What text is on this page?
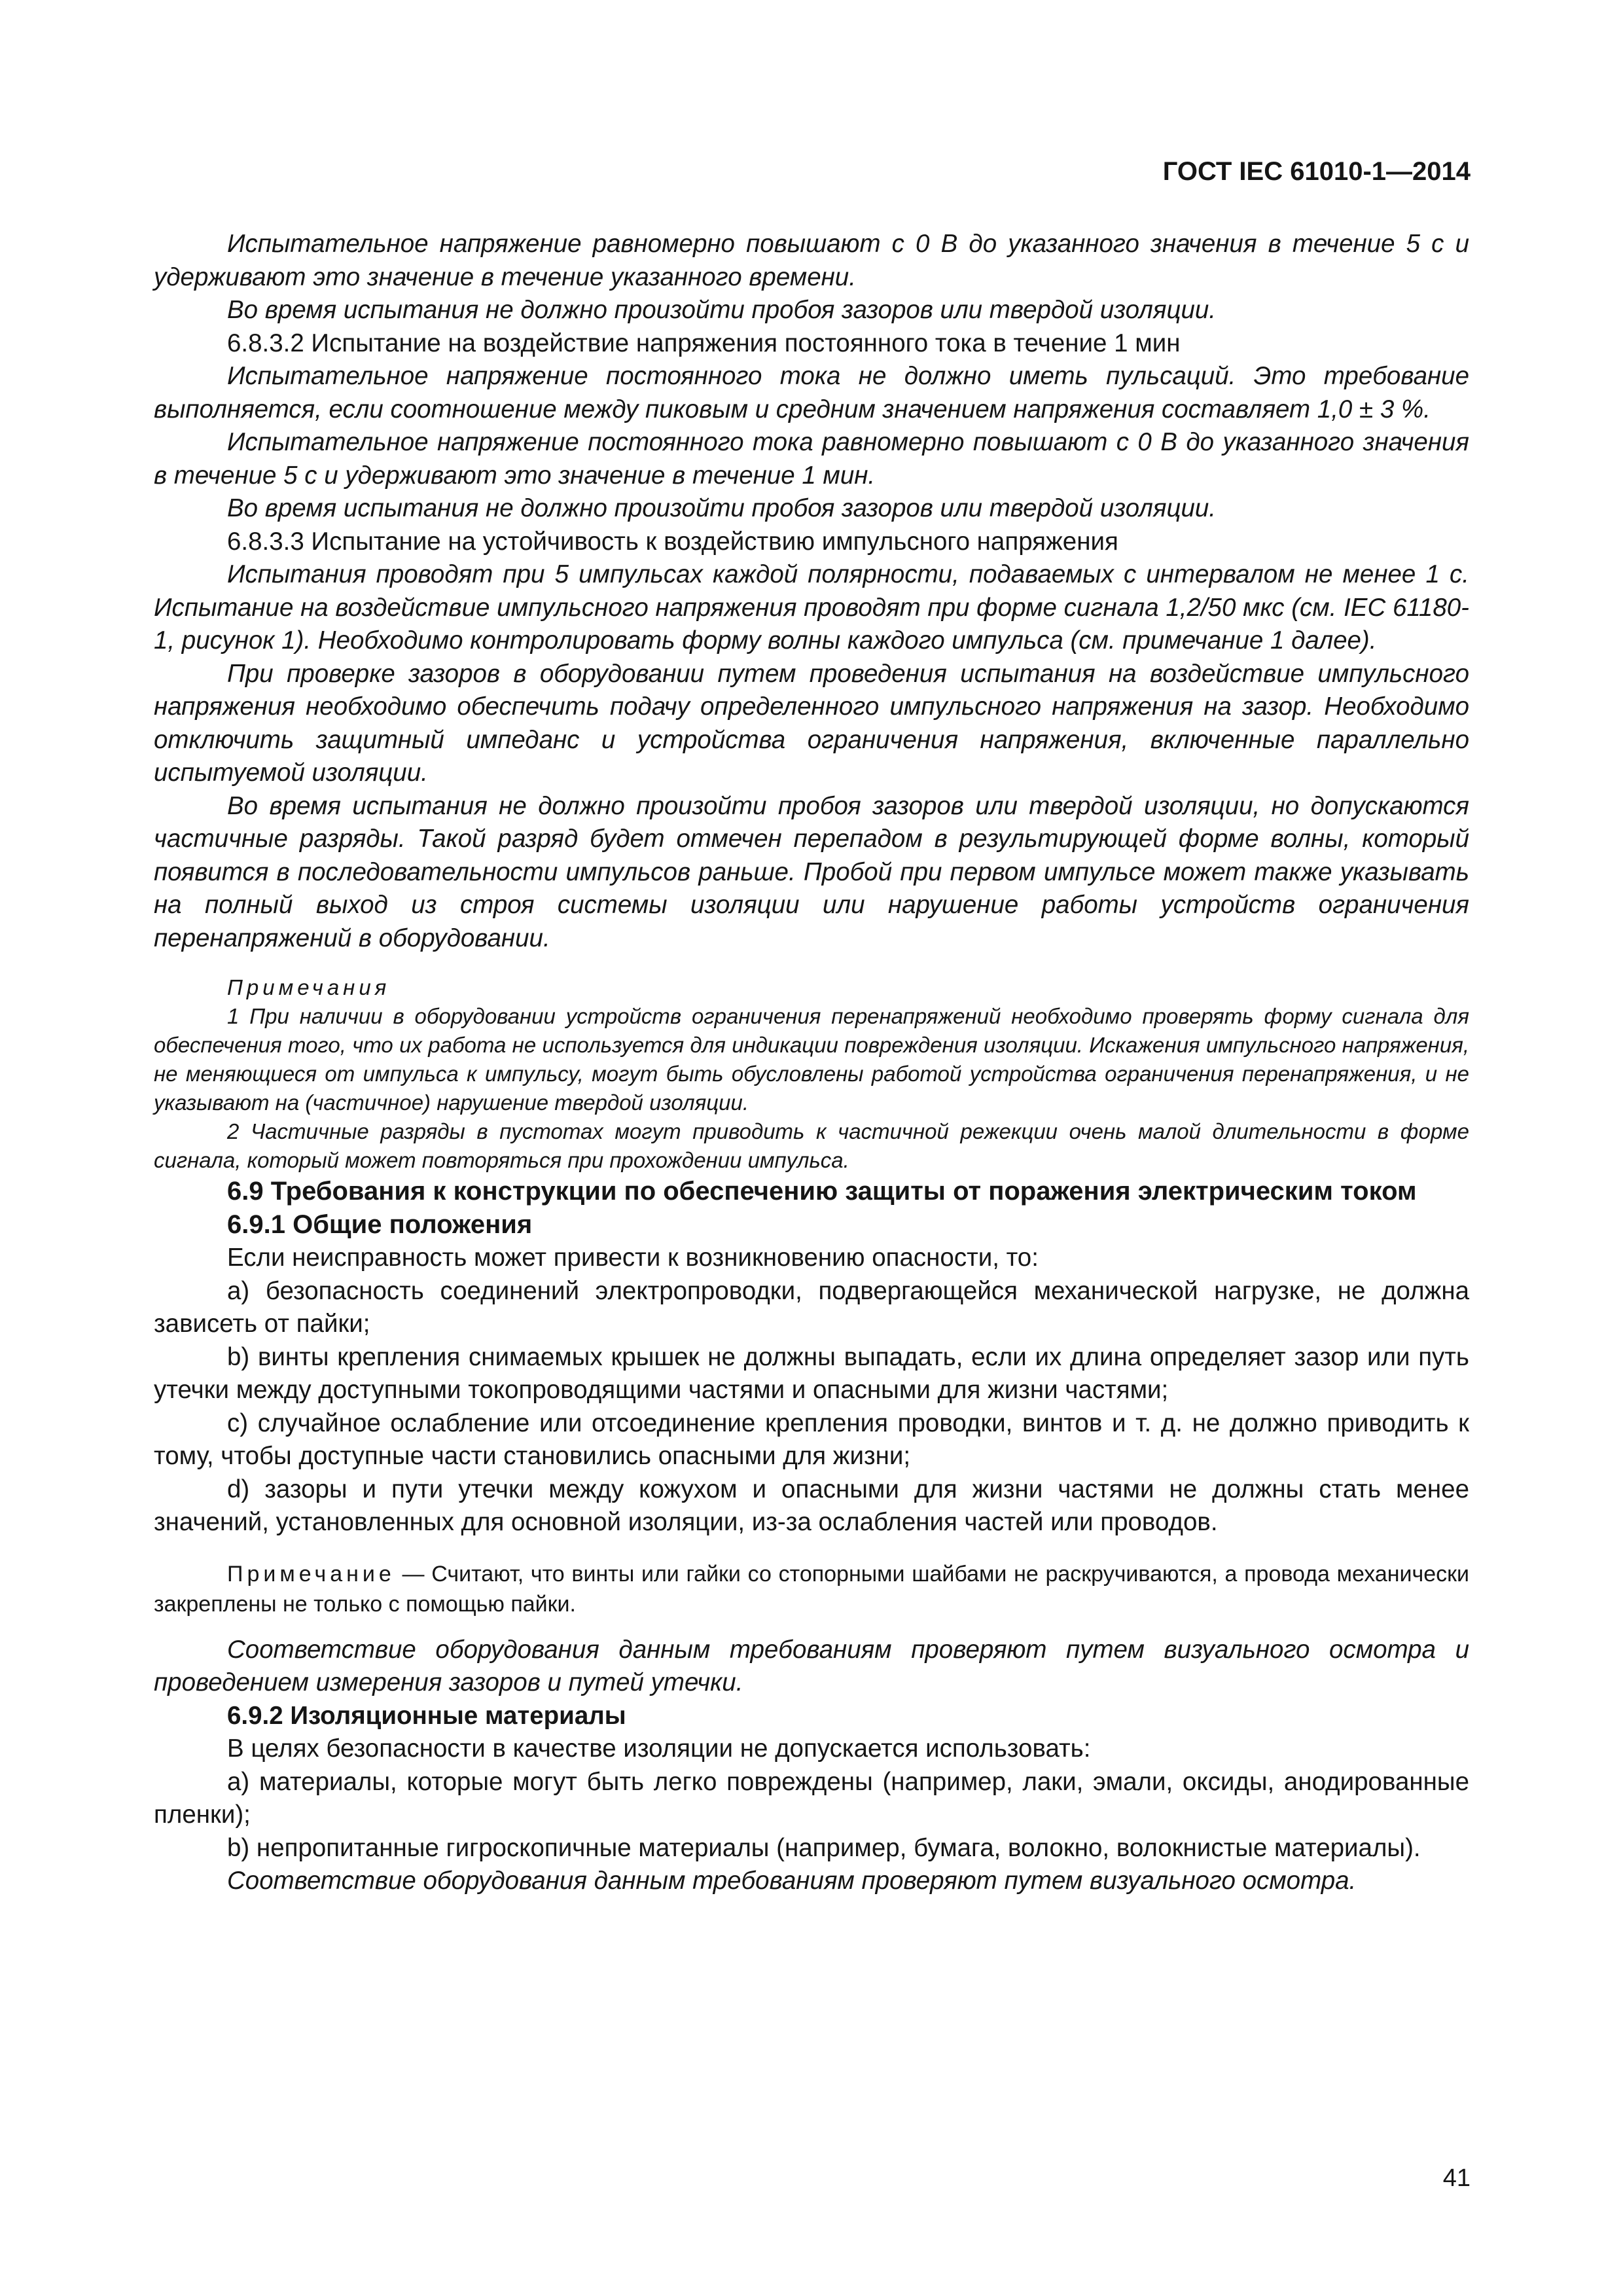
ГОСТ IEC 61010-1—2014

Испытательное напряжение равномерно повышают с 0 В до указанного значения в течение 5 с и удерживают это значение в течение указанного времени.

Во время испытания не должно произойти пробоя зазоров или твердой изоляции.

6.8.3.2 Испытание на воздействие напряжения постоянного тока в течение 1 мин

Испытательное напряжение постоянного тока не должно иметь пульсаций. Это требование выполняется, если соотношение между пиковым и средним значением напряжения составляет 1,0 ± 3 %.

Испытательное напряжение постоянного тока равномерно повышают с 0 В до указанного значения в течение 5 с и удерживают это значение в течение 1 мин.

Во время испытания не должно произойти пробоя зазоров или твердой изоляции.

6.8.3.3 Испытание на устойчивость к воздействию импульсного напряжения

Испытания проводят при 5 импульсах каждой полярности, подаваемых с интервалом не менее 1 с. Испытание на воздействие импульсного напряжения проводят при форме сигнала 1,2/50 мкс (см. IEC 61180-1, рисунок 1). Необходимо контролировать форму волны каждого импульса (см. примечание 1 далее).

При проверке зазоров в оборудовании путем проведения испытания на воздействие импульсного напряжения необходимо обеспечить подачу определенного импульсного напряжения на зазор. Необходимо отключить защитный импеданс и устройства ограничения напряжения, включенные параллельно испытуемой изоляции.

Во время испытания не должно произойти пробоя зазоров или твердой изоляции, но допускаются частичные разряды. Такой разряд будет отмечен перепадом в результирующей форме волны, который появится в последовательности импульсов раньше. Пробой при первом импульсе может также указывать на полный выход из строя системы изоляции или нарушение работы устройств ограничения перенапряжений в оборудовании.

Примечания

1 При наличии в оборудовании устройств ограничения перенапряжений необходимо проверять форму сигнала для обеспечения того, что их работа не используется для индикации повреждения изоляции. Искажения импульсного напряжения, не меняющиеся от импульса к импульсу, могут быть обусловлены работой устройства ограничения перенапряжения, и не указывают на (частичное) нарушение твердой изоляции.

2 Частичные разряды в пустотах могут приводить к частичной режекции очень малой длительности в форме сигнала, который может повторяться при прохождении импульса.

6.9 Требования к конструкции по обеспечению защиты от поражения электрическим током

6.9.1 Общие положения

Если неисправность может привести к возникновению опасности, то:

a) безопасность соединений электропроводки, подвергающейся механической нагрузке, не должна зависеть от пайки;

b) винты крепления снимаемых крышек не должны выпадать, если их длина определяет зазор или путь утечки между доступными токопроводящими частями и опасными для жизни частями;

c) случайное ослабление или отсоединение крепления проводки, винтов и т. д. не должно приводить к тому, чтобы доступные части становились опасными для жизни;

d) зазоры и пути утечки между кожухом и опасными для жизни частями не должны стать менее значений, установленных для основной изоляции, из-за ослабления частей или проводов.

Примечание — Считают, что винты или гайки со стопорными шайбами не раскручиваются, а провода механически закреплены не только с помощью пайки.

Соответствие оборудования данным требованиям проверяют путем визуального осмотра и проведением измерения зазоров и путей утечки.

6.9.2 Изоляционные материалы

В целях безопасности в качестве изоляции не допускается использовать:

a) материалы, которые могут быть легко повреждены (например, лаки, эмали, оксиды, анодированные пленки);

b) непропитанные гигроскопичные материалы (например, бумага, волокно, волокнистые материалы).

Соответствие оборудования данным требованиям проверяют путем визуального осмотра.

41
